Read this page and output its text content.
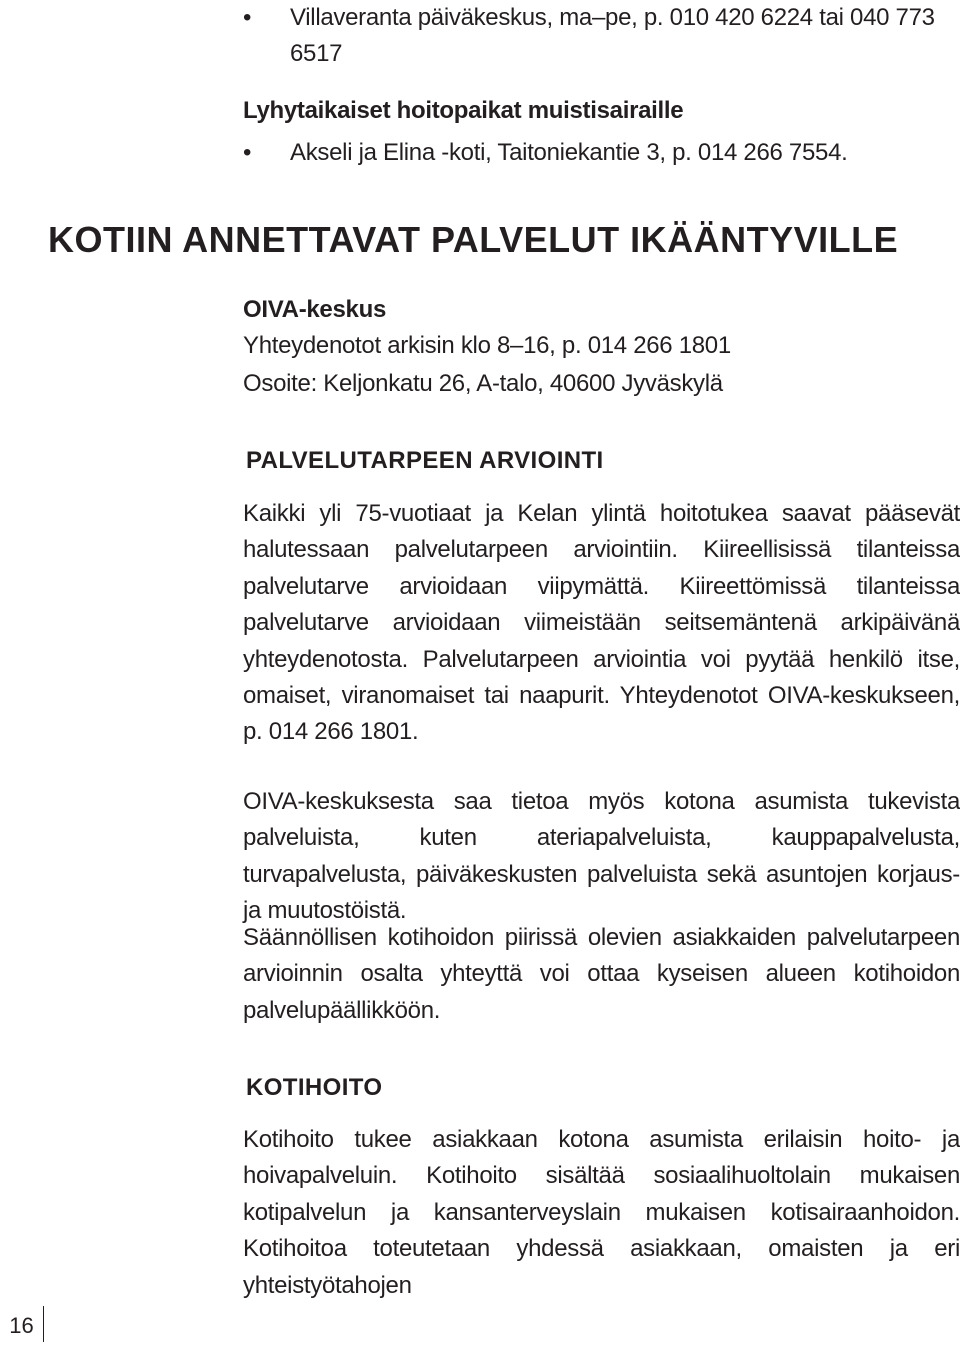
• Villaveranta päiväkeskus, ma–pe, p. 010 420 6224 tai 040 773 6517

Lyhytaikaiset hoitopaikat muistisairaille

• Akseli ja Elina -koti, Taitoniekantie 3, p. 014 266 7554.
KOTIIN ANNETTAVAT PALVELUT IKÄÄNTYVILLE

OIVA-keskus

Yhteydenotot arkisin klo 8–16, p. 014 266 1801

Osoite: Keljonkatu 26, A-talo, 40600 Jyväskylä

PALVELUTARPEEN ARVIOINTI

Kaikki yli 75-vuotiaat ja Kelan ylintä hoitotukea saavat pääsevät halutessaan palvelutarpeen arviointiin. Kiireellisissä tilanteissa palvelutarve arvioidaan viipymättä. Kiireettömissä tilanteissa palvelutarve arvioidaan viimeistään seitsemäntenä arkipäivänä yhteydenotosta. Palvelutarpeen arviointia voi pyytää henkilö itse, omaiset, viranomaiset tai naapurit. Yhteydenotot OIVA-keskukseen, p. 014 266 1801.

OIVA-keskuksesta saa tietoa myös kotona asumista tukevista palveluista, kuten ateriapalveluista, kauppapalvelusta, turvapalvelusta, päiväkeskusten palveluista sekä asuntojen korjaus- ja muutostöistä.

Säännöllisen kotihoidon piirissä olevien asiakkaiden palvelutarpeen arvioinnin osalta yhteyttä voi ottaa kyseisen alueen kotihoidon palvelupäällikköön.

KOTIHOITO

Kotihoito tukee asiakkaan kotona asumista erilaisin hoito- ja hoivapalveluin. Kotihoito sisältää sosiaalihuoltolain mukaisen kotipalvelun ja kansanterveyslain mukaisen kotisairaanhoidon. Kotihoitoa toteutetaan yhdessä asiakkaan, omaisten ja eri yhteistyötahojen

16
